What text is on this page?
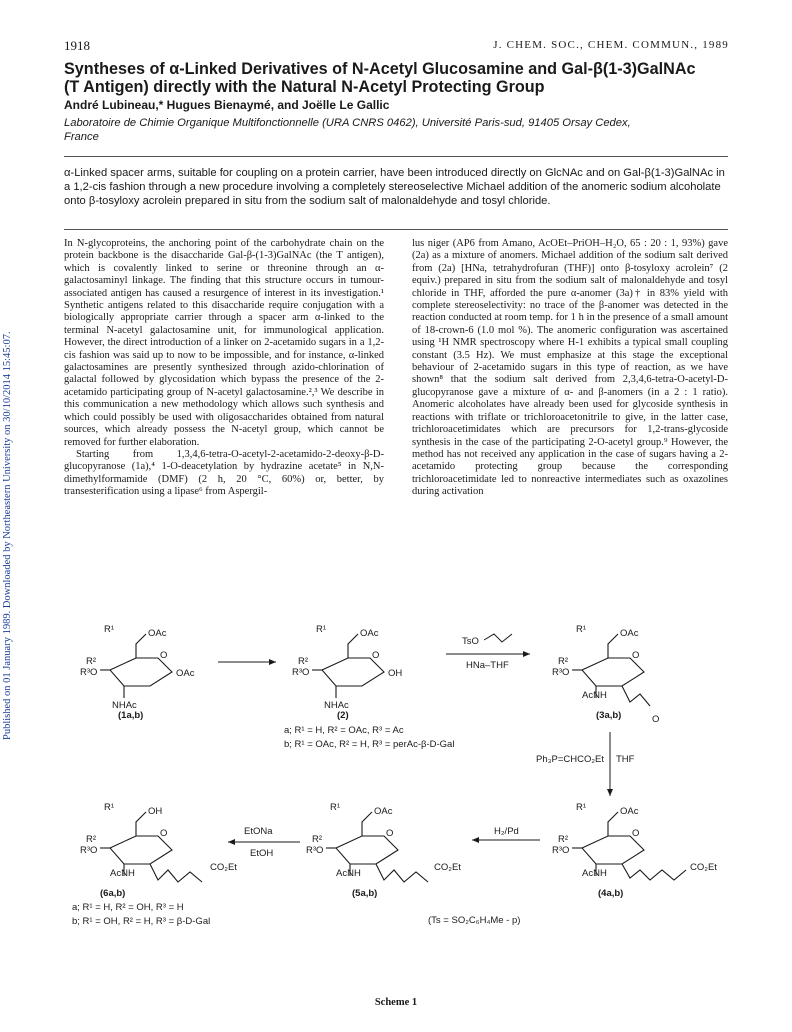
Published on 01 January 1989. Downloaded by Northeastern University on 30/10/2014 15:45:07.
1918	J. CHEM. SOC., CHEM. COMMUN., 1989
Syntheses of α-Linked Derivatives of N-Acetyl Glucosamine and Gal-β(1-3)GalNAc
(T Antigen) directly with the Natural N-Acetyl Protecting Group
André Lubineau,* Hugues Bienaymé, and Joëlle Le Gallic
Laboratoire de Chimie Organique Multifonctionnelle (URA CNRS 0462), Université Paris-sud, 91405 Orsay Cedex,
France
α-Linked spacer arms, suitable for coupling on a protein carrier, have been introduced directly on GlcNAc and on Gal-β(1-3)GalNAc in a 1,2-cis fashion through a new procedure involving a completely stereoselective Michael addition of the anomeric sodium alcoholate onto β-tosyloxy acrolein prepared in situ from the sodium salt of malonaldehyde and tosyl chloride.

In N-glycoproteins, the anchoring point of the carbohydrate chain on the protein backbone is the disaccharide Gal-β-(1-3)GalNAc (the T antigen), which is covalently linked to serine or threonine through an α-galactosaminyl linkage. The finding that this structure occurs in tumour-associated antigen has caused a resurgence of interest in its investigation.¹ Synthetic antigens related to this disaccharide require conjugation with a biologically appropriate carrier through a spacer arm α-linked to the terminal N-acetyl galactosamine unit, for immunological application. However, the direct introduction of a linker on 2-acetamido sugars in a 1,2-cis fashion was said up to now to be impossible, and for instance, α-linked galactosamines are presently synthesized through azido-chlorination of galactal followed by glycosidation which bypass the presence of the 2-acetamido participating group of N-acetyl galactosamine.²,³ We describe in this communication a new methodology which allows such synthesis and which could possibly be used with oligosaccharides obtained from natural sources, which already possess the N-acetyl group, which cannot be removed for further elaboration.

Starting from 1,3,4,6-tetra-O-acetyl-2-acetamido-2-deoxy-β-D-glucopyranose (1a),⁴ 1-O-deacetylation by hydrazine acetate⁵ in N,N-dimethylformamide (DMF) (2 h, 20 °C, 60%) or, better, by transesterification using a lipase⁶ from Aspergil-

lus niger (AP6 from Amano, AcOEt–PriOH–H₂O, 65 : 20 : 1, 93%) gave (2a) as a mixture of anomers. Michael addition of the sodium salt derived from (2a) [HNa, tetrahydrofuran (THF)] onto β-tosyloxy acrolein⁷ (2 equiv.) prepared in situ from the sodium salt of malonaldehyde and tosyl chloride in THF, afforded the pure α-anomer (3a)† in 83% yield with complete stereoselectivity: no trace of the β-anomer was detected in the reaction conducted at room temp. for 1 h in the presence of a small amount of 18-crown-6 (1.0 mol %). The anomeric configuration was ascertained using ¹H NMR spectroscopy where H-1 exhibits a typical small coupling constant (3.5 Hz). We must emphasize at this stage the exceptional behaviour of 2-acetamido sugars in this type of reaction, as we have shown⁸ that the sodium salt derived from 2,3,4,6-tetra-O-acetyl-D-glucopyranose gave a mixture of α- and β-anomers (in a 2 : 1 ratio). Anomeric alcoholates have already been used for glycoside synthesis in reactions with triflate or trichloroacetonitrile to give, in the latter case, trichloroacetimidates which are precursors for 1,2-trans-glycoside synthesis in the case of the participating 2-O-acetyl group.⁹ However, the method has not received any application in the case of sugars having a 2-acetamido protecting group because the corresponding trichloroacetimidate led to nonreactive intermediates such as oxazolines during activation

R¹	OAc
R²
R³O
O
OAc
NHAc
(1a,b)
R¹	OAc
R²
R³O
O
OH
NHAc
(2)
a; R¹ = H, R² = OAc, R³ = Ac
b; R¹ = OAc, R² = H, R³ = perAc-β-D-Gal
TsO
HNa–THF
R¹	OAc
R²
R³O
O
AcNH
O
(3a,b)
Ph₃P=CHCO₂Et THF
R¹	OAc
R²
R³O
O
AcNH
CO₂Et
(4a,b)
H₂/Pd
R¹	OAc
R²
R³O
O
AcNH
CO₂Et
(5a,b)
EtONa
EtOH
R¹	OH
R²
R³O
O
AcNH
CO₂Et
(6a,b)
a; R¹ = H, R² = OH, R³ = H
b; R¹ = OH, R² = H, R³ = β-D-Gal	(Ts = SO₂C₆H₄Me - p)
Scheme 1
